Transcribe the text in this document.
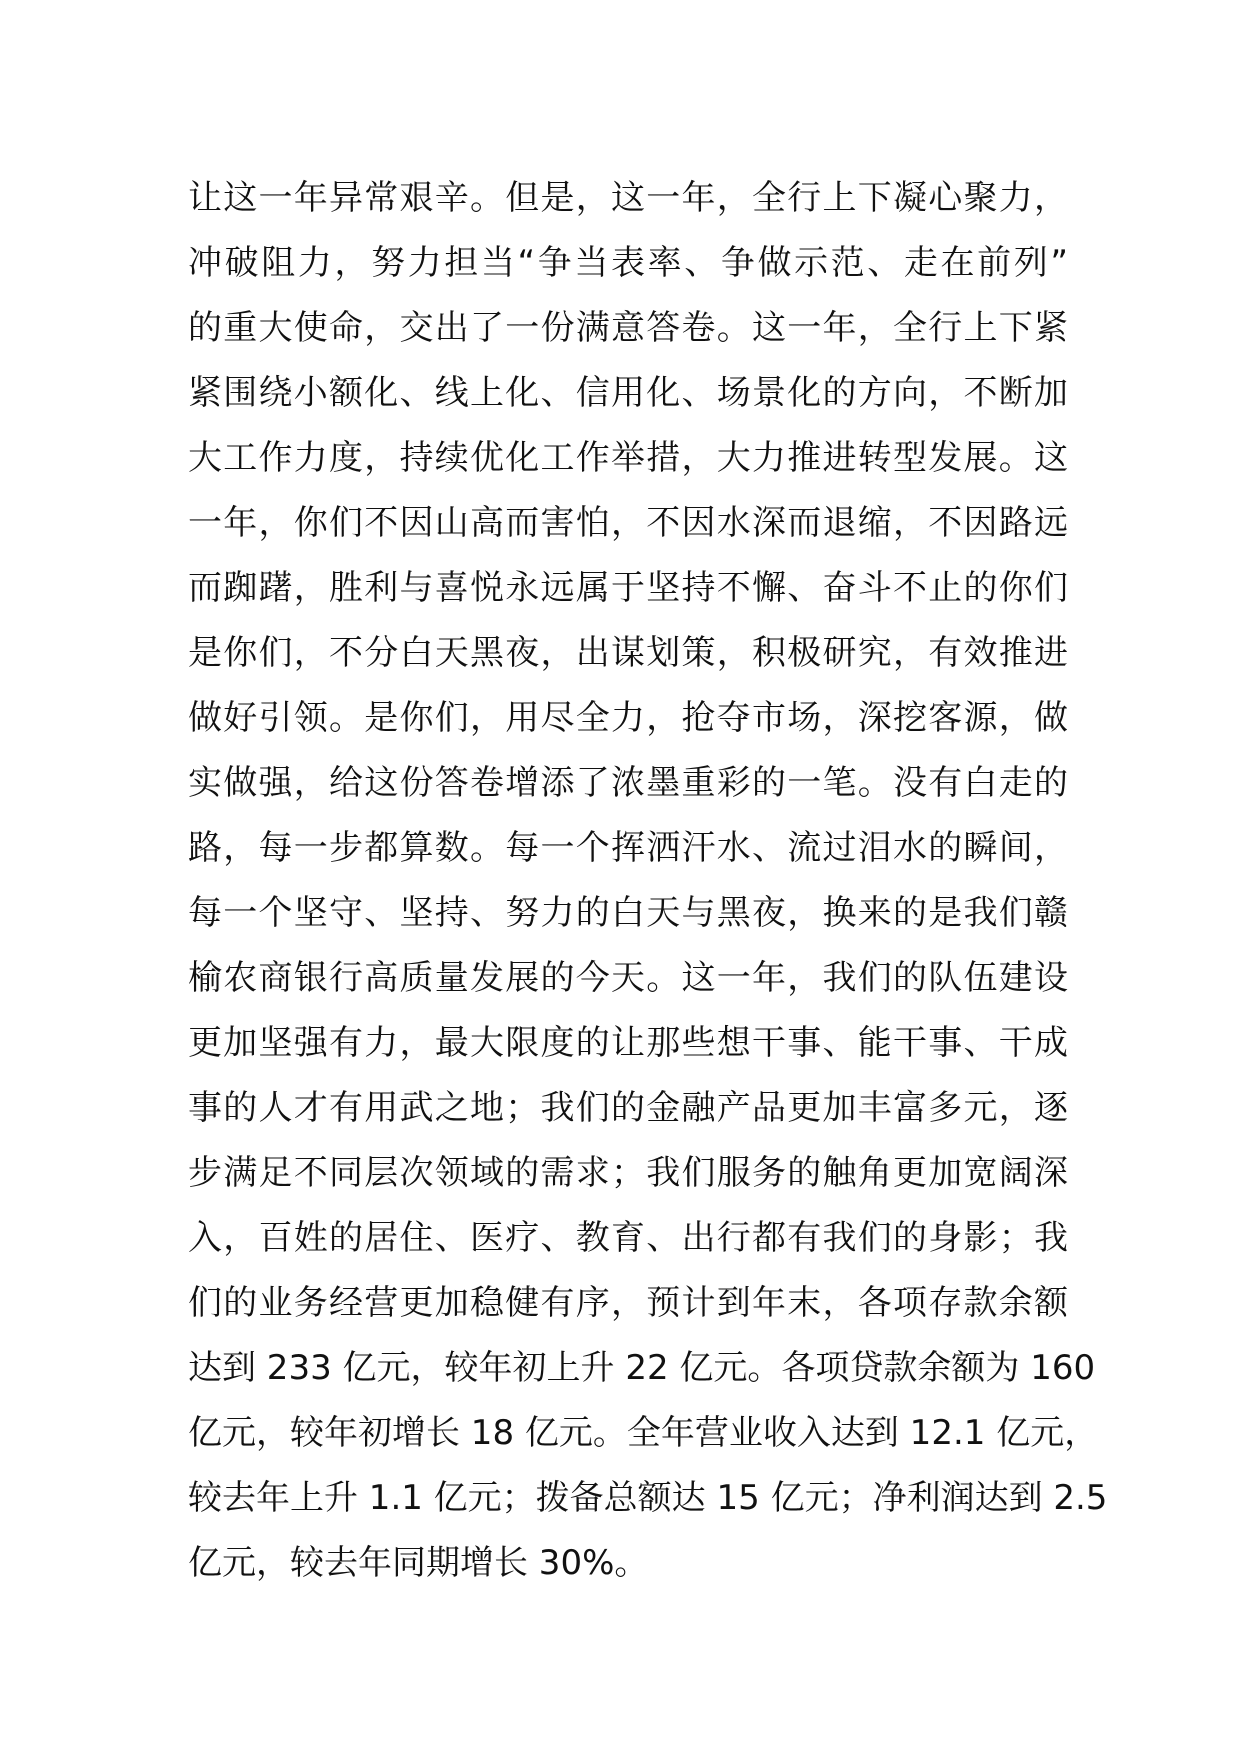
让这一年异常艰辛。但是，这一年，全行上下凝心聚力，
冲破阻力，努力担当“争当表率、争做示范、走在前列”
的重大使命，交出了一份满意答卷。这一年，全行上下紧
紧围绕小额化、线上化、信用化、场景化的方向，不断加
大工作力度，持续优化工作举措，大力推进转型发展。这
一年，你们不因山高而害怕，不因水深而退缩，不因路远
而踟躇，胜利与喜悦永远属于坚持不懈、奋斗不止的你们
是你们，不分白天黑夜，出谋划策，积极研究，有效推进
做好引领。是你们，用尽全力，抢夺市场，深挖客源，做
实做强，给这份答卷增添了浓墨重彩的一笔。没有白走的
路，每一步都算数。每一个挥洒汗水、流过泪水的瞬间，
每一个坚守、坚持、努力的白天与黑夜，换来的是我们赣
榆农商银行高质量发展的今天。这一年，我们的队伍建设
更加坚强有力，最大限度的让那些想干事、能干事、干成
事的人才有用武之地；我们的金融产品更加丰富多元，逐
步满足不同层次领域的需求；我们服务的触角更加宽阔深
入，百姓的居住、医疗、教育、出行都有我们的身影；我
们的业务经营更加稳健有序，预计到年末，各项存款余额
达到 233 亿元，较年初上升 22 亿元。各项贷款余额为 160
亿元，较年初增长 18 亿元。全年营业收入达到 12.1 亿元，
较去年上升 1.1 亿元；拨备总额达 15 亿元；净利润达到 2.5
亿元，较去年同期增长 30%。
